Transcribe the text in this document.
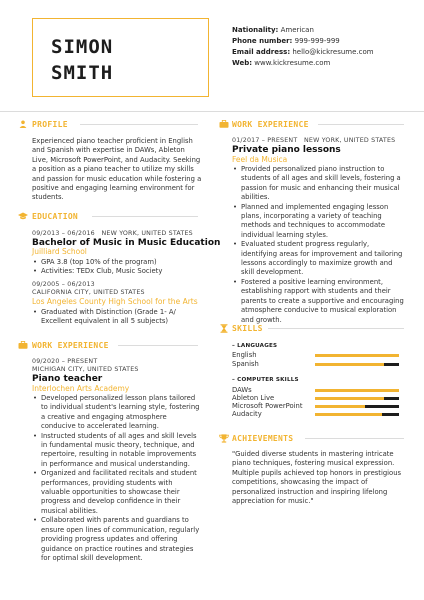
SIMON
SMITH
Nationality: American
Phone number: 999-999-999
Email address: hello@kickresume.com
Web: www.kickresume.com
PROFILE
Experienced piano teacher proficient in English and Spanish with expertise in DAWs, Ableton Live, Microsoft PowerPoint, and Audacity. Seeking a position as a piano teacher to utilize my skills and passion for music education while fostering a positive and engaging learning environment for students.
EDUCATION
09/2013 – 06/2016 NEW YORK, UNITED STATES
Bachelor of Music in Music Education
Juilliard School
• GPA 3.8 (top 10% of the program)
• Activities: TEDx Club, Music Society
09/2005 – 06/2013
CALIFORNIA CITY, UNITED STATES
Los Angeles County High School for the Arts
• Graduated with Distinction (Grade 1- A/ Excellent equivalent in all 5 subjects)
WORK EXPERIENCE
09/2020 – PRESENT
MICHIGAN CITY, UNITED STATES
Piano teacher
Interlochen Arts Academy
• Developed personalized lesson plans tailored to individual student's learning style, fostering a creative and engaging atmosphere conducive to accelerated learning.
• Instructed students of all ages and skill levels in fundamental music theory, technique, and repertoire, resulting in notable improvements in performance and musical understanding.
• Organized and facilitated recitals and student performances, providing students with valuable opportunities to showcase their progress and develop confidence in their musical abilities.
• Collaborated with parents and guardians to ensure open lines of communication, regularly providing progress updates and offering guidance on practice routines and strategies for optimal skill development.
WORK EXPERIENCE
01/2017 – PRESENT NEW YORK, UNITED STATES
Private piano lessons
Feel da Musica
• Provided personalized piano instruction to students of all ages and skill levels, fostering a passion for music and enhancing their musical abilities.
• Planned and implemented engaging lesson plans, incorporating a variety of teaching methods and techniques to accommodate individual learning styles.
• Evaluated student progress regularly, identifying areas for improvement and tailoring lessons accordingly to maximize growth and skill development.
• Fostered a positive learning environment, establishing rapport with students and their parents to create a supportive and encouraging atmosphere conducive to musical exploration and growth.
SKILLS
– LANGUAGES
English
Spanish
– COMPUTER SKILLS
DAWs
Ableton Live
Microsoft PowerPoint
Audacity
ACHIEVEMENTS
"Guided diverse students in mastering intricate piano techniques, fostering musical expression. Multiple pupils achieved top honors in prestigious competitions, showcasing the impact of personalized instruction and inspiring lifelong appreciation for music."
